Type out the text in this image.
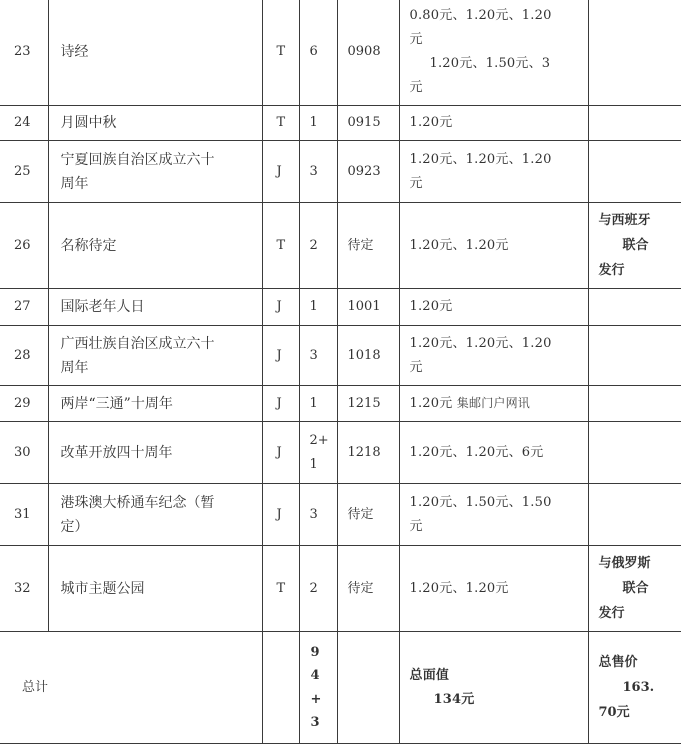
23	诗经	T	6	0908	0.80元、1.20元、1.20
元
1.20元、1.50元、3
元	

24	月圆中秋	T	1	0915	1.20元	
25	宁夏回族自治区成立六十
周年	J	3	0923	1.20元、1.20元、1.20
元	

26	名称待定	T	2	待定	1.20元、1.20元	与西班牙
联合
发行

27	国际老年人日	J	1	1001	1.20元	
28	广西壮族自治区成立六十
周年	J	3	1018	1.20元、1.20元、1.20
元	

29	两岸“三通”十周年	J	1	1215	1.20元 集邮门户网讯	
30	改革开放四十周年	J	2+
1	1218	1.20元、1.20元、6元	
31	港珠澳大桥通车纪念（暂
定）	J	3	待定	1.20元、1.50元、1.50
元	

32	城市主题公园	T	2	待定	1.20元、1.20元	与俄罗斯
联合
发行

总计			9
4
+
3		总面值
134元	总售价
163.
70元
